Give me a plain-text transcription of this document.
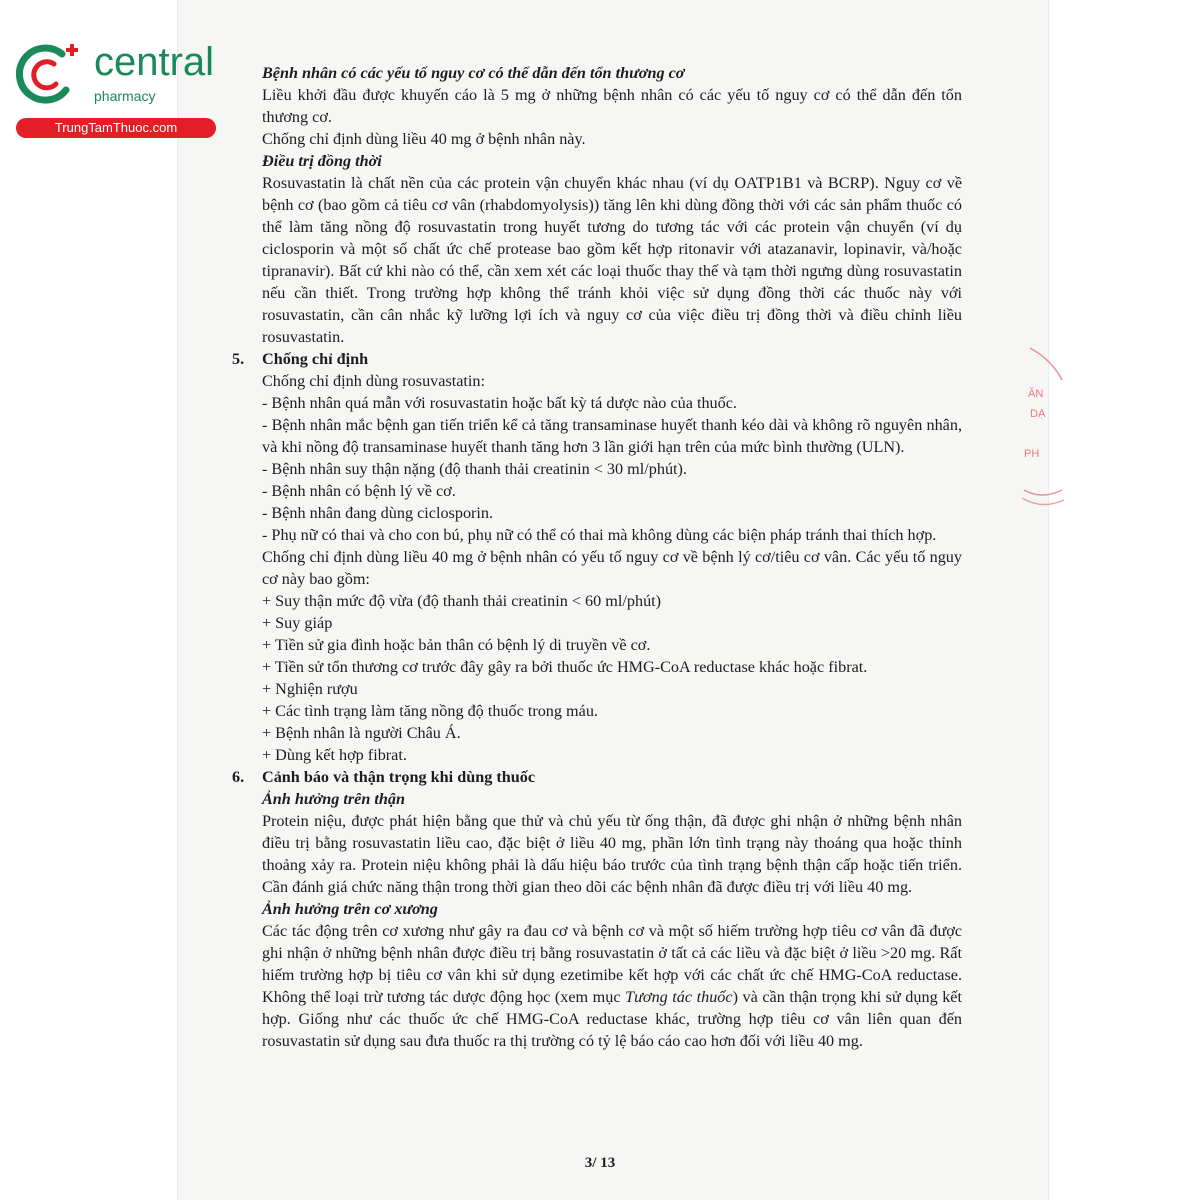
central
pharmacy
TrungTamThuoc.com
ĂN
DẠ
PH

Bệnh nhân có các yếu tố nguy cơ có thể dẫn đến tổn thương cơ

Liều khởi đầu được khuyến cáo là 5 mg ở những bệnh nhân có các yếu tố nguy cơ có thể dẫn đến tổn thương cơ.

Chống chỉ định dùng liều 40 mg ở bệnh nhân này.

Điều trị đồng thời

Rosuvastatin là chất nền của các protein vận chuyển khác nhau (ví dụ OATP1B1 và BCRP). Nguy cơ về bệnh cơ (bao gồm cả tiêu cơ vân (rhabdomyolysis)) tăng lên khi dùng đồng thời với các sản phẩm thuốc có thể làm tăng nồng độ rosuvastatin trong huyết tương do tương tác với các protein vận chuyển (ví dụ ciclosporin và một số chất ức chế protease bao gồm kết hợp ritonavir với atazanavir, lopinavir, và/hoặc tipranavir). Bất cứ khi nào có thể, cần xem xét các loại thuốc thay thế và tạm thời ngưng dùng rosuvastatin nếu cần thiết. Trong trường hợp không thể tránh khỏi việc sử dụng đồng thời các thuốc này với rosuvastatin, cần cân nhắc kỹ lưỡng lợi ích và nguy cơ của việc điều trị đồng thời và điều chỉnh liều rosuvastatin.

5. Chống chỉ định

Chống chỉ định dùng rosuvastatin:

- Bệnh nhân quá mẫn với rosuvastatin hoặc bất kỳ tá dược nào của thuốc.

- Bệnh nhân mắc bệnh gan tiến triển kể cả tăng transaminase huyết thanh kéo dài và không rõ nguyên nhân, và khi nồng độ transaminase huyết thanh tăng hơn 3 lần giới hạn trên của mức bình thường (ULN).

- Bệnh nhân suy thận nặng (độ thanh thải creatinin < 30 ml/phút).

- Bệnh nhân có bệnh lý về cơ.

- Bệnh nhân đang dùng ciclosporin.

- Phụ nữ có thai và cho con bú, phụ nữ có thể có thai mà không dùng các biện pháp tránh thai thích hợp.

Chống chỉ định dùng liều 40 mg ở bệnh nhân có yếu tố nguy cơ về bệnh lý cơ/tiêu cơ vân. Các yếu tố nguy cơ này bao gồm:

+ Suy thận mức độ vừa (độ thanh thải creatinin < 60 ml/phút)

+ Suy giáp

+ Tiền sử gia đình hoặc bản thân có bệnh lý di truyền về cơ.

+ Tiền sử tổn thương cơ trước đây gây ra bởi thuốc ức HMG-CoA reductase khác hoặc fibrat.

+ Nghiện rượu

+ Các tình trạng làm tăng nồng độ thuốc trong máu.

+ Bệnh nhân là người Châu Á.

+ Dùng kết hợp fibrat.

6. Cảnh báo và thận trọng khi dùng thuốc

Ảnh hưởng trên thận

Protein niệu, được phát hiện bằng que thử và chủ yếu từ ống thận, đã được ghi nhận ở những bệnh nhân điều trị bằng rosuvastatin liều cao, đặc biệt ở liều 40 mg, phần lớn tình trạng này thoáng qua hoặc thỉnh thoảng xảy ra. Protein niệu không phải là dấu hiệu báo trước của tình trạng bệnh thận cấp hoặc tiến triển. Cần đánh giá chức năng thận trong thời gian theo dõi các bệnh nhân đã được điều trị với liều 40 mg.

Ảnh hưởng trên cơ xương

Các tác động trên cơ xương như gây ra đau cơ và bệnh cơ và một số hiếm trường hợp tiêu cơ vân đã được ghi nhận ở những bệnh nhân được điều trị bằng rosuvastatin ở tất cả các liều và đặc biệt ở liều >20 mg. Rất hiếm trường hợp bị tiêu cơ vân khi sử dụng ezetimibe kết hợp với các chất ức chế HMG-CoA reductase. Không thể loại trừ tương tác dược động học (xem mục Tương tác thuốc) và cần thận trọng khi sử dụng kết hợp. Giống như các thuốc ức chế HMG-CoA reductase khác, trường hợp tiêu cơ vân liên quan đến rosuvastatin sử dụng sau đưa thuốc ra thị trường có tỷ lệ báo cáo cao hơn đối với liều 40 mg.

3/ 13
